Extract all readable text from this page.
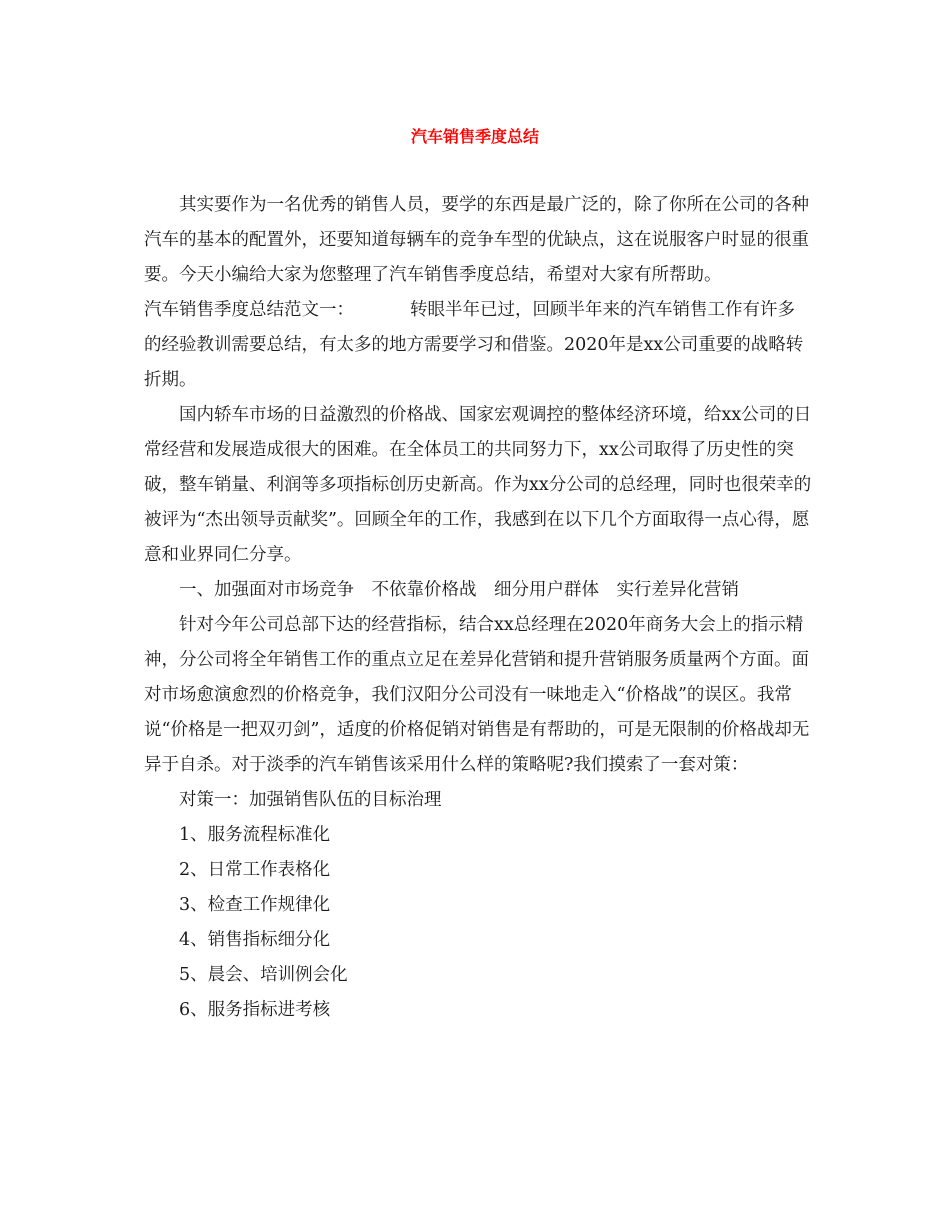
汽车销售季度总结

其实要作为一名优秀的销售人员，要学的东西是最广泛的，除了你所在公司的各种汽车的基本的配置外，还要知道每辆车的竞争车型的优缺点，这在说服客户时显的很重要。今天小编给大家为您整理了汽车销售季度总结，希望对大家有所帮助。

汽车销售季度总结范文一：	转眼半年已过，回顾半年来的汽车销售工作有许多的经验教训需要总结，有太多的地方需要学习和借鉴。2020年是xx公司重要的战略转折期。

国内轿车市场的日益激烈的价格战、国家宏观调控的整体经济环境，给xx公司的日常经营和发展造成很大的困难。在全体员工的共同努力下，xx公司取得了历史性的突破，整车销量、利润等多项指标创历史新高。作为xx分公司的总经理，同时也很荣幸的被评为“杰出领导贡献奖”。回顾全年的工作，我感到在以下几个方面取得一点心得，愿意和业界同仁分享。

一、加强面对市场竞争　不依靠价格战　细分用户群体　实行差异化营销

针对今年公司总部下达的经营指标，结合xx总经理在2020年商务大会上的指示精神，分公司将全年销售工作的重点立足在差异化营销和提升营销服务质量两个方面。面对市场愈演愈烈的价格竞争，我们汉阳分公司没有一味地走入“价格战”的误区。我常说“价格是一把双刃剑”，适度的价格促销对销售是有帮助的，可是无限制的价格战却无异于自杀。对于淡季的汽车销售该采用什么样的策略呢?我们摸索了一套对策：

对策一：加强销售队伍的目标治理

1、服务流程标准化

2、日常工作表格化

3、检查工作规律化

4、销售指标细分化

5、晨会、培训例会化

6、服务指标进考核
